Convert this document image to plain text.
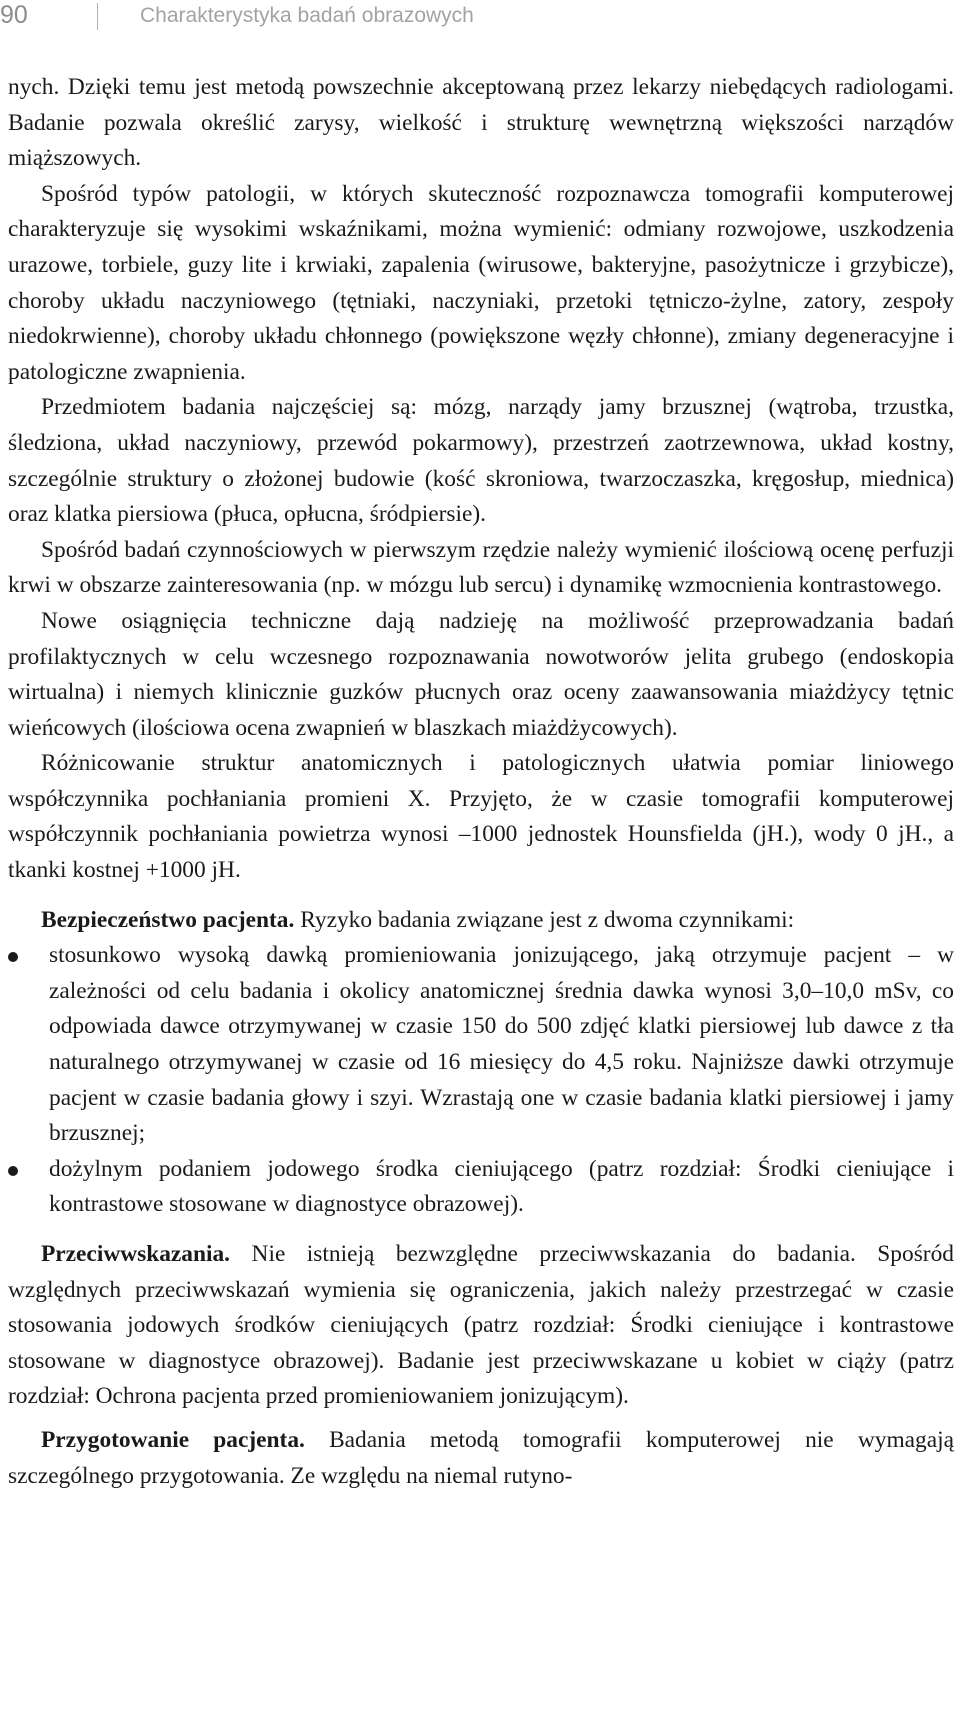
90	Charakterystyka badań obrazowych

nych. Dzięki temu jest metodą powszechnie akceptowaną przez lekarzy niebędących radiologami. Badanie pozwala określić zarysy, wielkość i strukturę wewnętrzną większości narządów miąższowych.

Spośród typów patologii, w których skuteczność rozpoznawcza tomografii komputerowej charakteryzuje się wysokimi wskaźnikami, można wymienić: odmiany rozwojowe, uszkodzenia urazowe, torbiele, guzy lite i krwiaki, zapalenia (wirusowe, bakteryjne, pasożytnicze i grzybicze), choroby układu naczyniowego (tętniaki, naczyniaki, przetoki tętniczo-żylne, zatory, zespoły niedokrwienne), choroby układu chłonnego (powiększone węzły chłonne), zmiany degeneracyjne i patologiczne zwapnienia.

Przedmiotem badania najczęściej są: mózg, narządy jamy brzusznej (wątroba, trzustka, śledziona, układ naczyniowy, przewód pokarmowy), przestrzeń zaotrzewnowa, układ kostny, szczególnie struktury o złożonej budowie (kość skroniowa, twarzoczaszka, kręgosłup, miednica) oraz klatka piersiowa (płuca, opłucna, śródpiersie).

Spośród badań czynnościowych w pierwszym rzędzie należy wymienić ilościową ocenę perfuzji krwi w obszarze zainteresowania (np. w mózgu lub sercu) i dynamikę wzmocnienia kontrastowego.

Nowe osiągnięcia techniczne dają nadzieję na możliwość przeprowadzania badań profilaktycznych w celu wczesnego rozpoznawania nowotworów jelita grubego (endoskopia wirtualna) i niemych klinicznie guzków płucnych oraz oceny zaawansowania miażdżycy tętnic wieńcowych (ilościowa ocena zwapnień w blaszkach miażdżycowych).

Różnicowanie struktur anatomicznych i patologicznych ułatwia pomiar liniowego współczynnika pochłaniania promieni X. Przyjęto, że w czasie tomografii komputerowej współczynnik pochłaniania powietrza wynosi –1000 jednostek Hounsfielda (jH.), wody 0 jH., a tkanki kostnej +1000 jH.

Bezpieczeństwo pacjenta. Ryzyko badania związane jest z dwoma czynnikami:

stosunkowo wysoką dawką promieniowania jonizującego, jaką otrzymuje pacjent – w zależności od celu badania i okolicy anatomicznej średnia dawka wynosi 3,0–10,0 mSv, co odpowiada dawce otrzymywanej w czasie 150 do 500 zdjęć klatki piersiowej lub dawce z tła naturalnego otrzymywanej w czasie od 16 miesięcy do 4,5 roku. Najniższe dawki otrzymuje pacjent w czasie badania głowy i szyi. Wzrastają one w czasie badania klatki piersiowej i jamy brzusznej;
dożylnym podaniem jodowego środka cieniującego (patrz rozdział: Środki cieniujące i kontrastowe stosowane w diagnostyce obrazowej).

Przeciwwskazania. Nie istnieją bezwzględne przeciwwskazania do badania. Spośród względnych przeciwwskazań wymienia się ograniczenia, jakich należy przestrzegać w czasie stosowania jodowych środków cieniujących (patrz rozdział: Środki cieniujące i kontrastowe stosowane w diagnostyce obrazowej). Badanie jest przeciwwskazane u kobiet w ciąży (patrz rozdział: Ochrona pacjenta przed promieniowaniem jonizującym).

Przygotowanie pacjenta. Badania metodą tomografii komputerowej nie wymagają szczególnego przygotowania. Ze względu na niemal rutyno-
